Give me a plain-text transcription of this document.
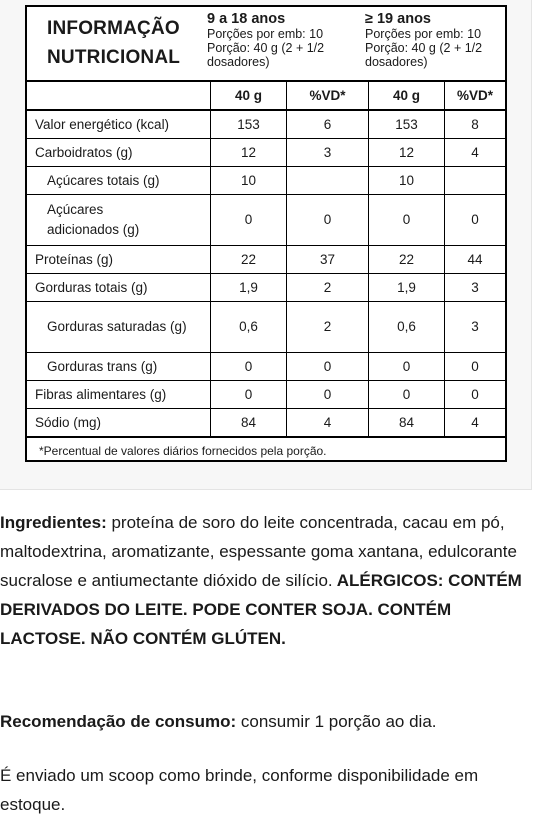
INFORMAÇÃO
NUTRICIONAL
9 a 18 anos
Porções por emb: 10
Porção: 40 g (2 + 1/2
dosadores)
≥ 19 anos
Porções por emb: 10
Porção: 40 g (2 + 1/2
dosadores)
	40 g	%VD*	40 g	%VD*
Valor energético (kcal)	153	6	153	8
Carboidratos (g)	12	3	12	4
Açúcares totais (g)	10		10	
Açúcares adicionados (g)	0	0	0	0
Proteínas (g)	22	37	22	44
Gorduras totais (g)	1,9	2	1,9	3
Gorduras saturadas (g)	0,6	2	0,6	3
Gorduras trans (g)	0	0	0	0
Fibras alimentares (g)	0	0	0	0
Sódio (mg)	84	4	84	4
*Percentual de valores diários fornecidos pela porção.				
Ingredientes: proteína de soro do leite concentrada, cacau em pó, maltodextrina, aromatizante, espessante goma xantana, edulcorante sucralose e antiumectante dióxido de silício. ALÉRGICOS: CONTÉM DERIVADOS DO LEITE. PODE CONTER SOJA. CONTÉM LACTOSE. NÃO CONTÉM GLÚTEN.
Recomendação de consumo: consumir 1 porção ao dia.
É enviado um scoop como brinde, conforme disponibilidade em estoque.
